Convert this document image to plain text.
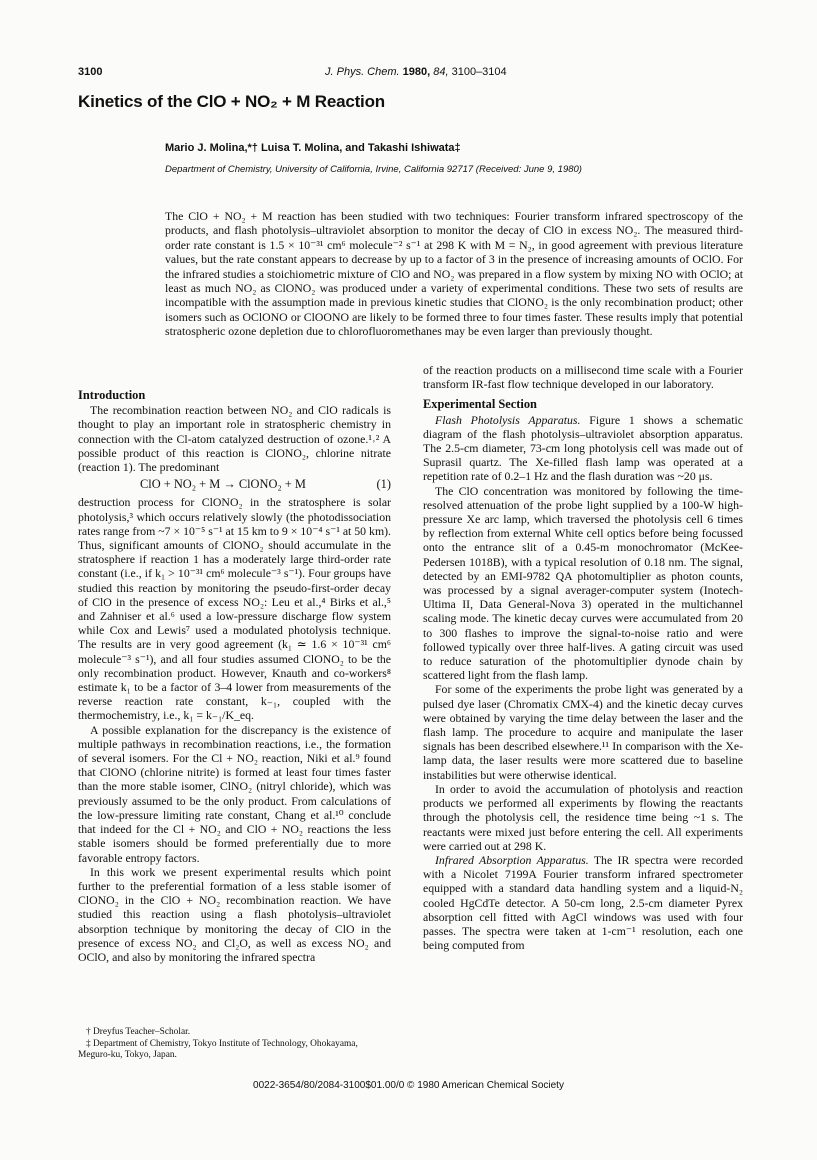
3100	J. Phys. Chem. 1980, 84, 3100–3104
Kinetics of the ClO + NO₂ + M Reaction
Mario J. Molina,*† Luisa T. Molina, and Takashi Ishiwata‡
Department of Chemistry, University of California, Irvine, California 92717 (Received: June 9, 1980)
The ClO + NO₂ + M reaction has been studied with two techniques: Fourier transform infrared spectroscopy of the products, and flash photolysis–ultraviolet absorption to monitor the decay of ClO in excess NO₂. The measured third-order rate constant is 1.5 × 10⁻³¹ cm⁶ molecule⁻² s⁻¹ at 298 K with M = N₂, in good agreement with previous literature values, but the rate constant appears to decrease by up to a factor of 3 in the presence of increasing amounts of OClO. For the infrared studies a stoichiometric mixture of ClO and NO₂ was prepared in a flow system by mixing NO with OClO; at least as much NO₂ as ClONO₂ was produced under a variety of experimental conditions. These two sets of results are incompatible with the assumption made in previous kinetic studies that ClONO₂ is the only recombination product; other isomers such as OClONO or ClOONO are likely to be formed three to four times faster. These results imply that potential stratospheric ozone depletion due to chlorofluoromethanes may be even larger than previously thought.
Introduction

The recombination reaction between NO₂ and ClO radicals is thought to play an important role in stratospheric chemistry in connection with the Cl-atom catalyzed destruction of ozone.¹˒² A possible product of this reaction is ClONO₂, chlorine nitrate (reaction 1). The predominant

ClO + NO₂ + M → ClONO₂ + M	(1)

destruction process for ClONO₂ in the stratosphere is solar photolysis,³ which occurs relatively slowly (the photodissociation rates range from ~7 × 10⁻⁵ s⁻¹ at 15 km to 9 × 10⁻⁴ s⁻¹ at 50 km). Thus, significant amounts of ClONO₂ should accumulate in the stratosphere if reaction 1 has a moderately large third-order rate constant (i.e., if k₁ > 10⁻³¹ cm⁶ molecule⁻³ s⁻¹). Four groups have studied this reaction by monitoring the pseudo-first-order decay of ClO in the presence of excess NO₂: Leu et al.,⁴ Birks et al.,⁵ and Zahniser et al.⁶ used a low-pressure discharge flow system while Cox and Lewis⁷ used a modulated photolysis technique. The results are in very good agreement (k₁ ≃ 1.6 × 10⁻³¹ cm⁶ molecule⁻³ s⁻¹), and all four studies assumed ClONO₂ to be the only recombination product. However, Knauth and co-workers⁸ estimate k₁ to be a factor of 3–4 lower from measurements of the reverse reaction rate constant, k₋₁, coupled with the thermochemistry, i.e., k₁ = k₋₁/K_eq.

A possible explanation for the discrepancy is the existence of multiple pathways in recombination reactions, i.e., the formation of several isomers. For the Cl + NO₂ reaction, Niki et al.⁹ found that ClONO (chlorine nitrite) is formed at least four times faster than the more stable isomer, ClNO₂ (nitryl chloride), which was previously assumed to be the only product. From calculations of the low-pressure limiting rate constant, Chang et al.¹⁰ conclude that indeed for the Cl + NO₂ and ClO + NO₂ reactions the less stable isomers should be formed preferentially due to more favorable entropy factors.

In this work we present experimental results which point further to the preferential formation of a less stable isomer of ClONO₂ in the ClO + NO₂ recombination reaction. We have studied this reaction using a flash photolysis–ultraviolet absorption technique by monitoring the decay of ClO in the presence of excess NO₂ and Cl₂O, as well as excess NO₂ and OClO, and also by monitoring the infrared spectra

of the reaction products on a millisecond time scale with a Fourier transform IR-fast flow technique developed in our laboratory.

Experimental Section

Flash Photolysis Apparatus. Figure 1 shows a schematic diagram of the flash photolysis–ultraviolet absorption apparatus. The 2.5-cm diameter, 73-cm long photolysis cell was made out of Suprasil quartz. The Xe-filled flash lamp was operated at a repetition rate of 0.2–1 Hz and the flash duration was ~20 μs.

The ClO concentration was monitored by following the time-resolved attenuation of the probe light supplied by a 100-W high-pressure Xe arc lamp, which traversed the photolysis cell 6 times by reflection from external White cell optics before being focussed onto the entrance slit of a 0.45-m monochromator (McKee-Pedersen 1018B), with a typical resolution of 0.18 nm. The signal, detected by an EMI-9782 QA photomultiplier as photon counts, was processed by a signal averager-computer system (Inotech-Ultima II, Data General-Nova 3) operated in the multichannel scaling mode. The kinetic decay curves were accumulated from 20 to 300 flashes to improve the signal-to-noise ratio and were followed typically over three half-lives. A gating circuit was used to reduce saturation of the photomultiplier dynode chain by scattered light from the flash lamp.

For some of the experiments the probe light was generated by a pulsed dye laser (Chromatix CMX-4) and the kinetic decay curves were obtained by varying the time delay between the laser and the flash lamp. The procedure to acquire and manipulate the laser signals has been described elsewhere.¹¹ In comparison with the Xe-lamp data, the laser results were more scattered due to baseline instabilities but were otherwise identical.

In order to avoid the accumulation of photolysis and reaction products we performed all experiments by flowing the reactants through the photolysis cell, the residence time being ~1 s. The reactants were mixed just before entering the cell. All experiments were carried out at 298 K.

Infrared Absorption Apparatus. The IR spectra were recorded with a Nicolet 7199A Fourier transform infrared spectrometer equipped with a standard data handling system and a liquid-N₂ cooled HgCdTe detector. A 50-cm long, 2.5-cm diameter Pyrex absorption cell fitted with AgCl windows was used with four passes. The spectra were taken at 1-cm⁻¹ resolution, each one being computed from

† Dreyfus Teacher–Scholar.
‡ Department of Chemistry, Tokyo Institute of Technology, Ohokayama, Meguro-ku, Tokyo, Japan.
0022-3654/80/2084-3100$01.00/0 © 1980 American Chemical Society
